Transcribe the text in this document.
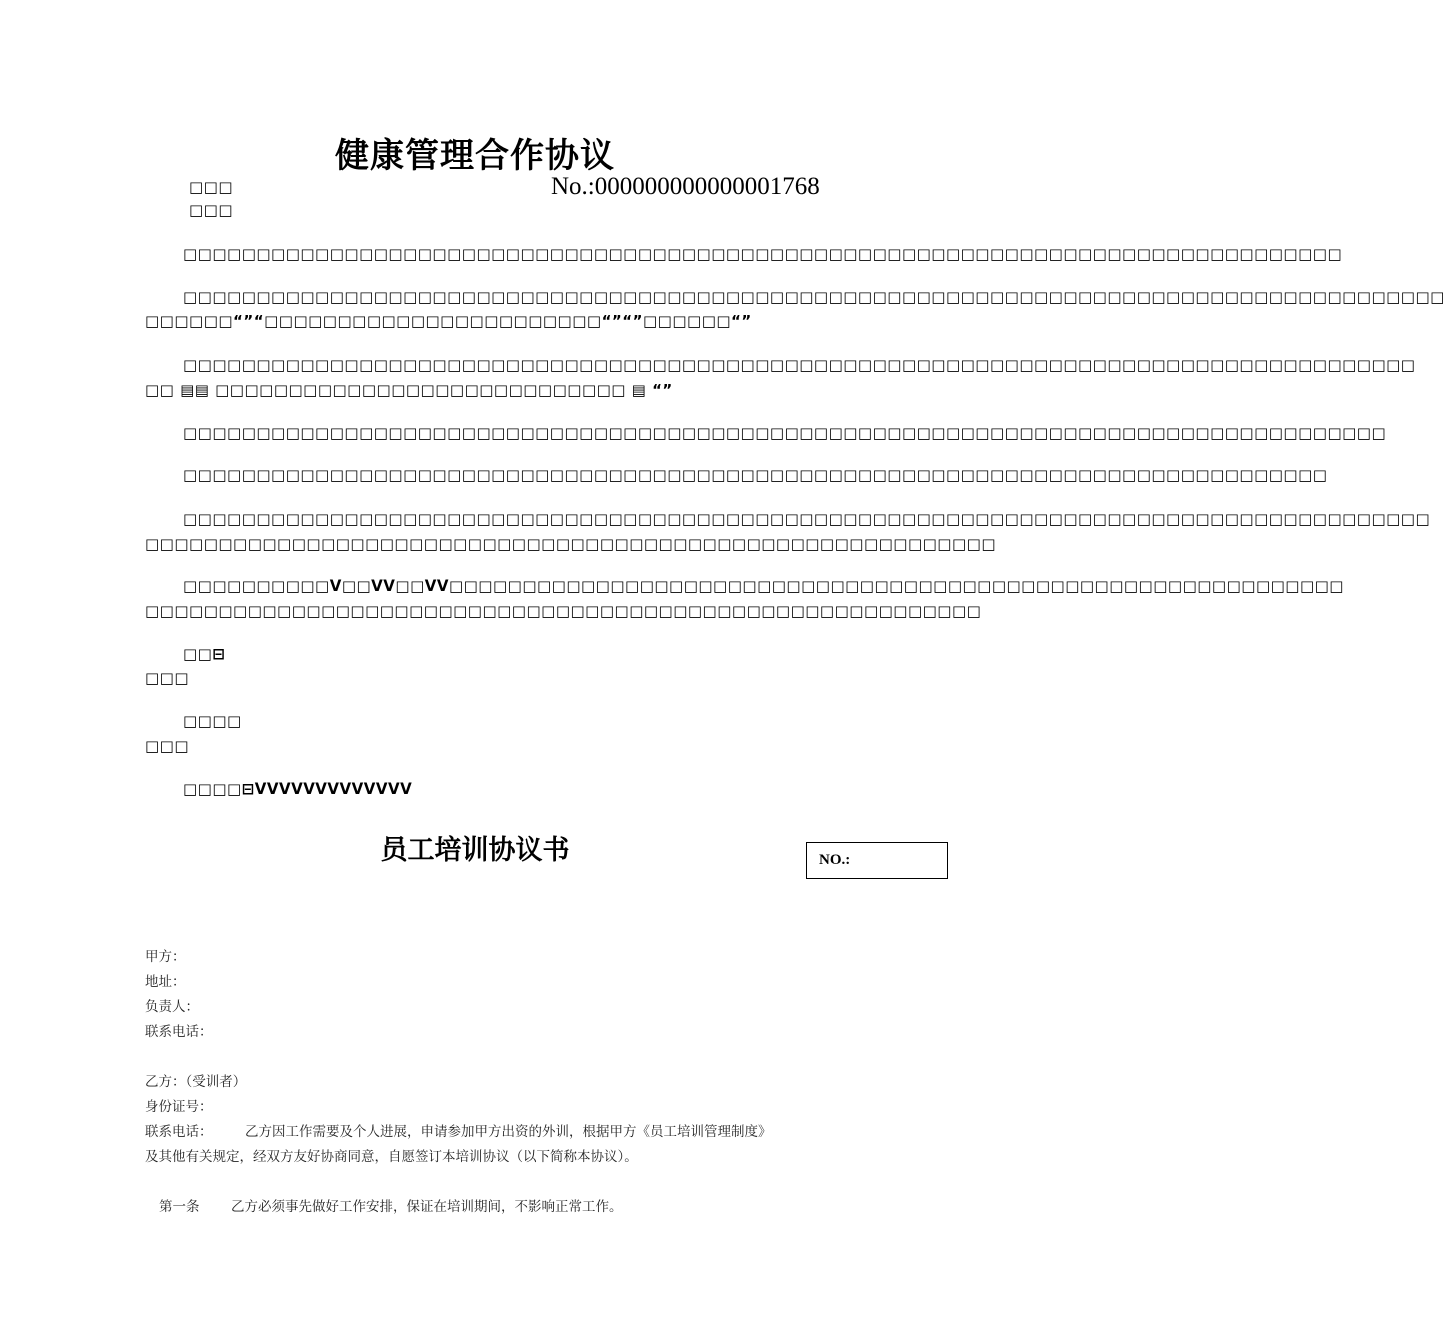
健康管理合作协议
□□□
□□□
No.:000000000000001768
□□□□□□□□□□□□□□□□□□□□□□□□□□□□□□□□□□□□□□□□□□□□□□□□□□□□□□□□□□□□□□□□□□□□□□□□□□□□□□□
□□□□□□□□□□□□□□□□□□□□□□□□□□□□□□□□□□□□□□□□□□□□□□□□□□□□□□□□□□□□□□□□□□□□□□□□□□□□□□□□□□□□□□
□□□□□□“”“□□□□□□□□□□□□□□□□□□□□□□□“”“”□□□□□□“”
□□□□□□□□□□□□□□□□□□□□□□□□□□□□□□□□□□□□□□□□□□□□□□□□□□□□□□□□□□□□□□□□□□□□□□□□□□□□□□□□□□□□
□□ ▤▤ □□□□□□□□□□□□□□□□□□□□□□□□□□□□ ▤ “”
□□□□□□□□□□□□□□□□□□□□□□□□□□□□□□□□□□□□□□□□□□□□□□□□□□□□□□□□□□□□□□□□□□□□□□□□□□□□□□□□□□
□□□□□□□□□□□□□□□□□□□□□□□□□□□□□□□□□□□□□□□□□□□□□□□□□□□□□□□□□□□□□□□□□□□□□□□□□□□□□□
□□□□□□□□□□□□□□□□□□□□□□□□□□□□□□□□□□□□□□□□□□□□□□□□□□□□□□□□□□□□□□□□□□□□□□□□□□□□□□□□□□□□□
□□□□□□□□□□□□□□□□□□□□□□□□□□□□□□□□□□□□□□□□□□□□□□□□□□□□□□□□□□
□□□□□□□□□□ᐯ□□ᐯᐯ□□ᐯᐯ□□□□□□□□□□□□□□□□□□□□□□□□□□□□□□□□□□□□□□□□□□□□□□□□□□□□□□□□□□□□□
□□□□□□□□□□□□□□□□□□□□□□□□□□□□□□□□□□□□□□□□□□□□□□□□□□□□□□□□□
□□⊟
□□□
□□□□
□□□
□□□□⊟ᐯᐯᐯᐯᐯᐯᐯᐯᐯᐯᐯᐯᐯ
员工培训协议书	NO.:
甲方：
地址：
负责人：
联系电话：
乙方：（受训者）
身份证号：
联系电话： 乙方因工作需要及个人进展，申请参加甲方出资的外训，根据甲方《员工培训管理制度》
及其他有关规定，经双方友好协商同意，自愿签订本培训协议（以下简称本协议）。
第一条 乙方必须事先做好工作安排，保证在培训期间，不影响正常工作。
